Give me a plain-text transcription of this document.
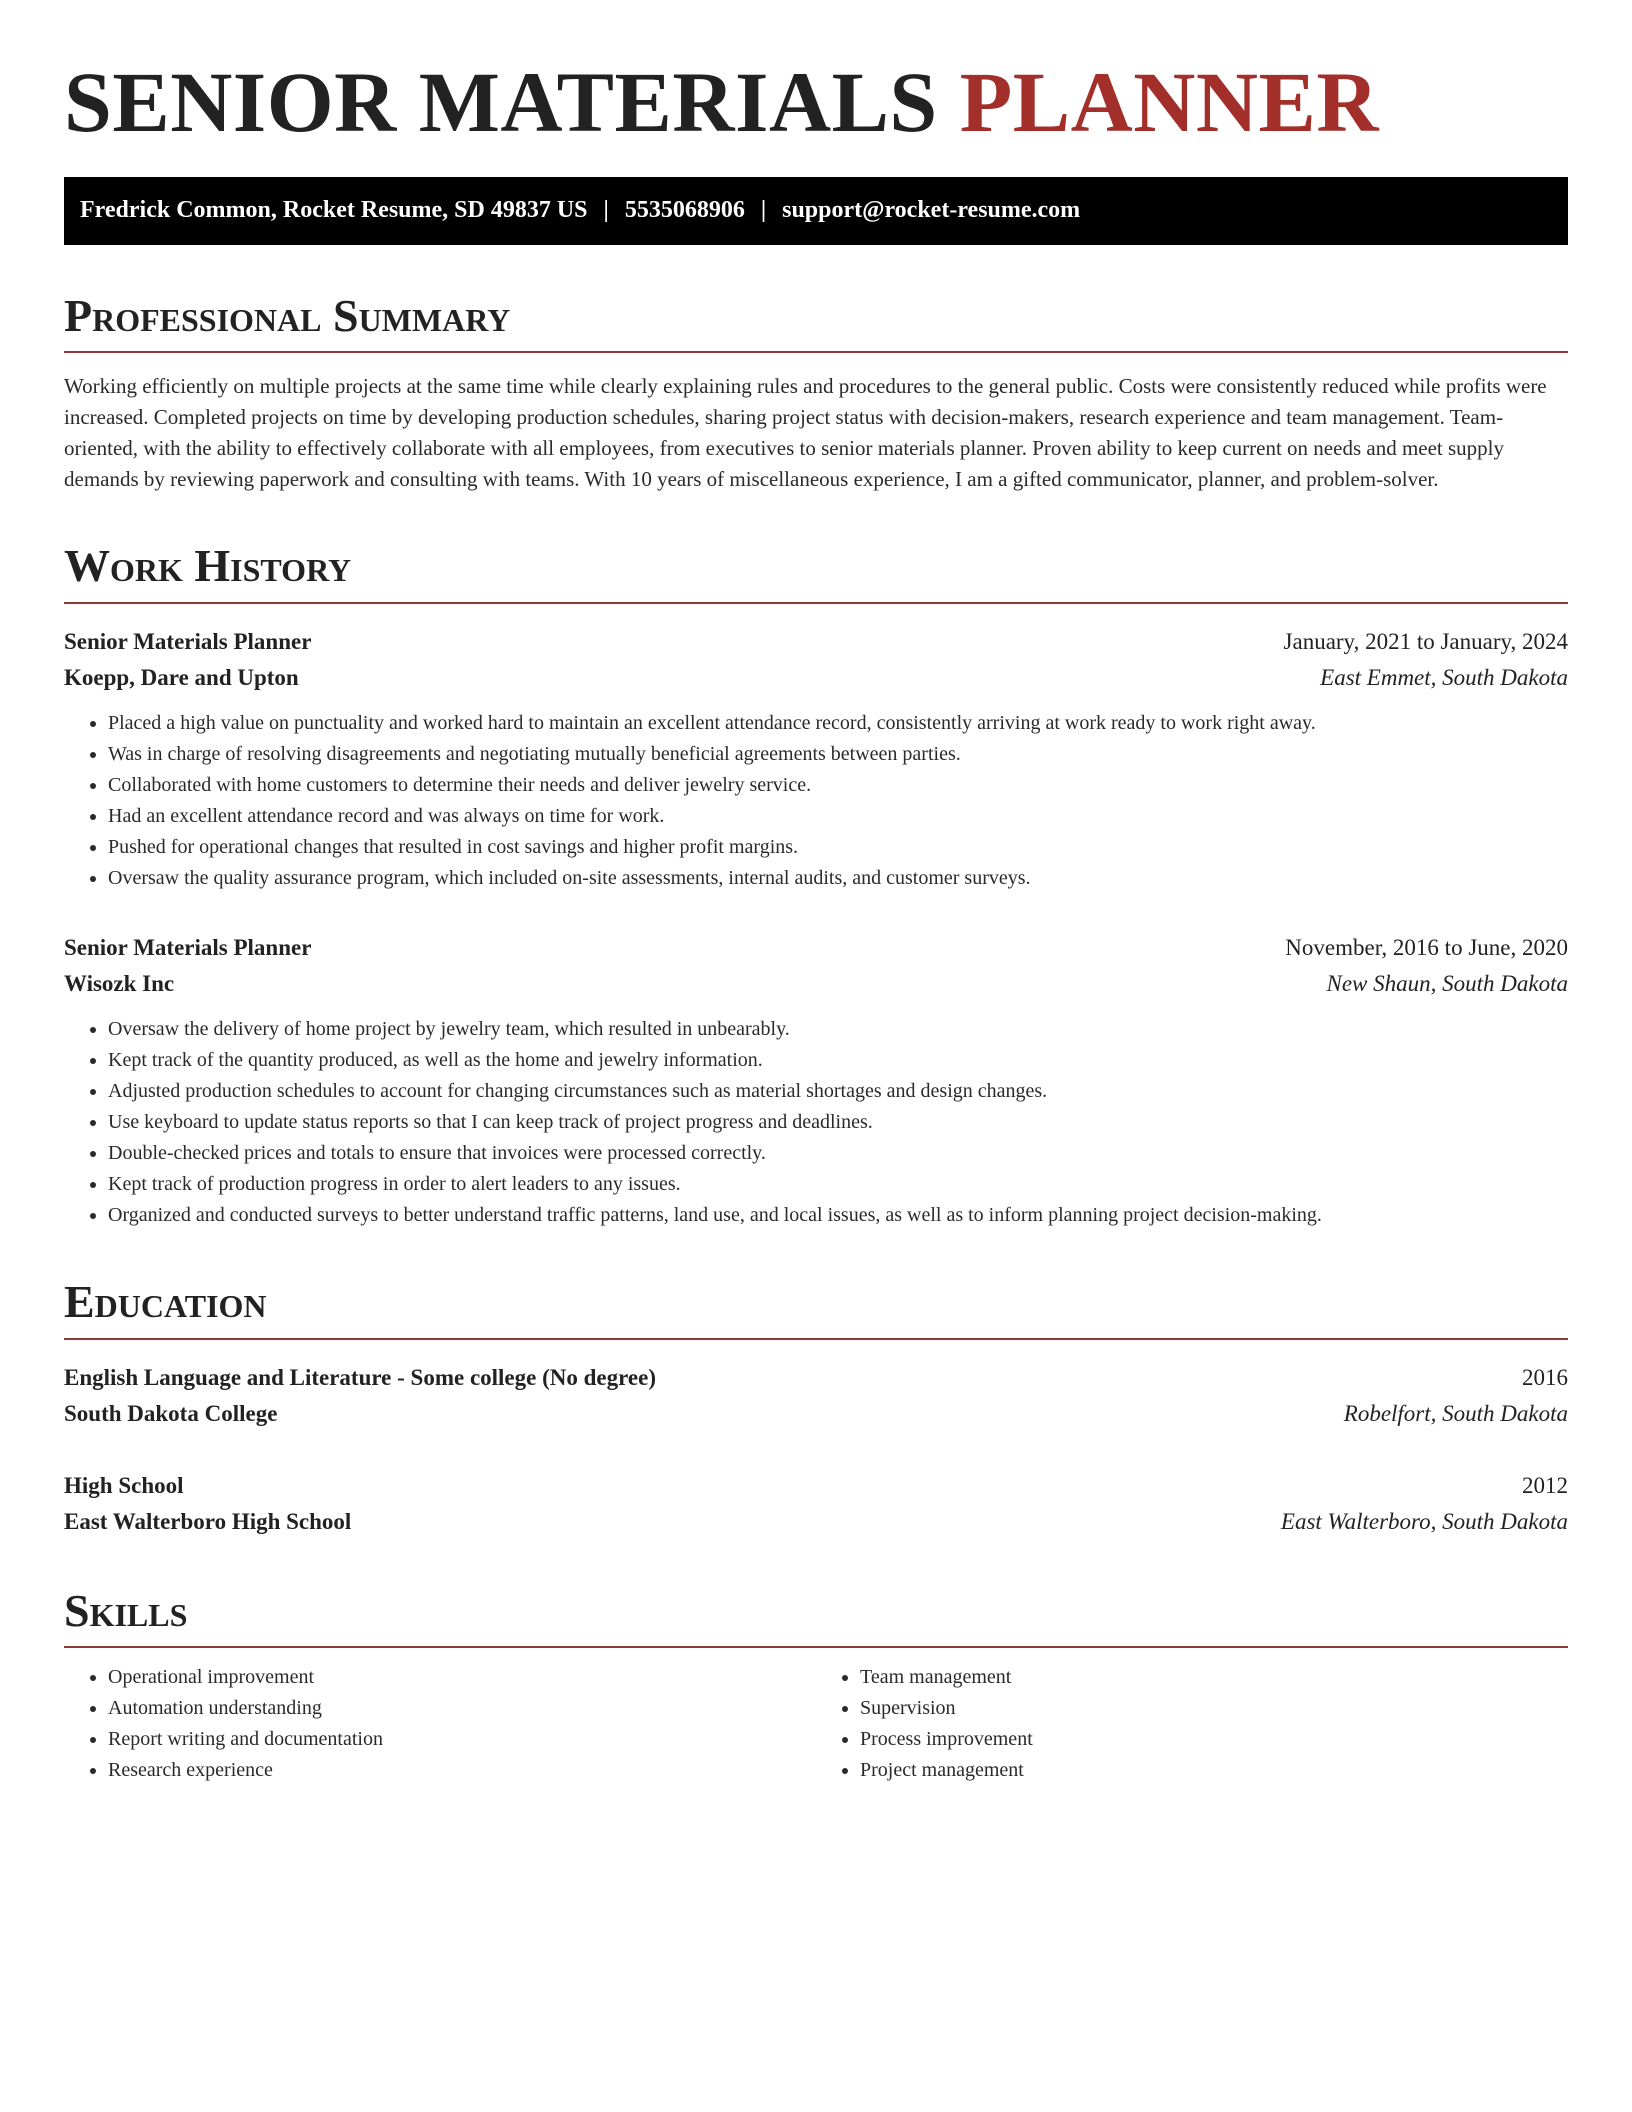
SENIOR MATERIALS PLANNER
Fredrick Common, Rocket Resume, SD 49837 US | 5535068906 | support@rocket-resume.com
Professional Summary

Working efficiently on multiple projects at the same time while clearly explaining rules and procedures to the general public. Costs were consistently reduced while profits were increased. Completed projects on time by developing production schedules, sharing project status with decision-makers, research experience and team management. Team-oriented, with the ability to effectively collaborate with all employees, from executives to senior materials planner. Proven ability to keep current on needs and meet supply demands by reviewing paperwork and consulting with teams. With 10 years of miscellaneous experience, I am a gifted communicator, planner, and problem-solver.

Work History
Senior Materials Planner	January, 2021 to January, 2024
Koepp, Dare and Upton	East Emmet, South Dakota
• Placed a high value on punctuality and worked hard to maintain an excellent attendance record, consistently arriving at work ready to work right away.
• Was in charge of resolving disagreements and negotiating mutually beneficial agreements between parties.
• Collaborated with home customers to determine their needs and deliver jewelry service.
• Had an excellent attendance record and was always on time for work.
• Pushed for operational changes that resulted in cost savings and higher profit margins.
• Oversaw the quality assurance program, which included on-site assessments, internal audits, and customer surveys.
Senior Materials Planner	November, 2016 to June, 2020
Wisozk Inc	New Shaun, South Dakota
• Oversaw the delivery of home project by jewelry team, which resulted in unbearably.
• Kept track of the quantity produced, as well as the home and jewelry information.
• Adjusted production schedules to account for changing circumstances such as material shortages and design changes.
• Use keyboard to update status reports so that I can keep track of project progress and deadlines.
• Double-checked prices and totals to ensure that invoices were processed correctly.
• Kept track of production progress in order to alert leaders to any issues.
• Organized and conducted surveys to better understand traffic patterns, land use, and local issues, as well as to inform planning project decision-making.
Education
English Language and Literature - Some college (No degree)	2016
South Dakota College	Robelfort, South Dakota
High School	2012
East Walterboro High School	East Walterboro, South Dakota
Skills
• Operational improvement
• Automation understanding
• Report writing and documentation
• Research experience
• Team management
• Supervision
• Process improvement
• Project management
